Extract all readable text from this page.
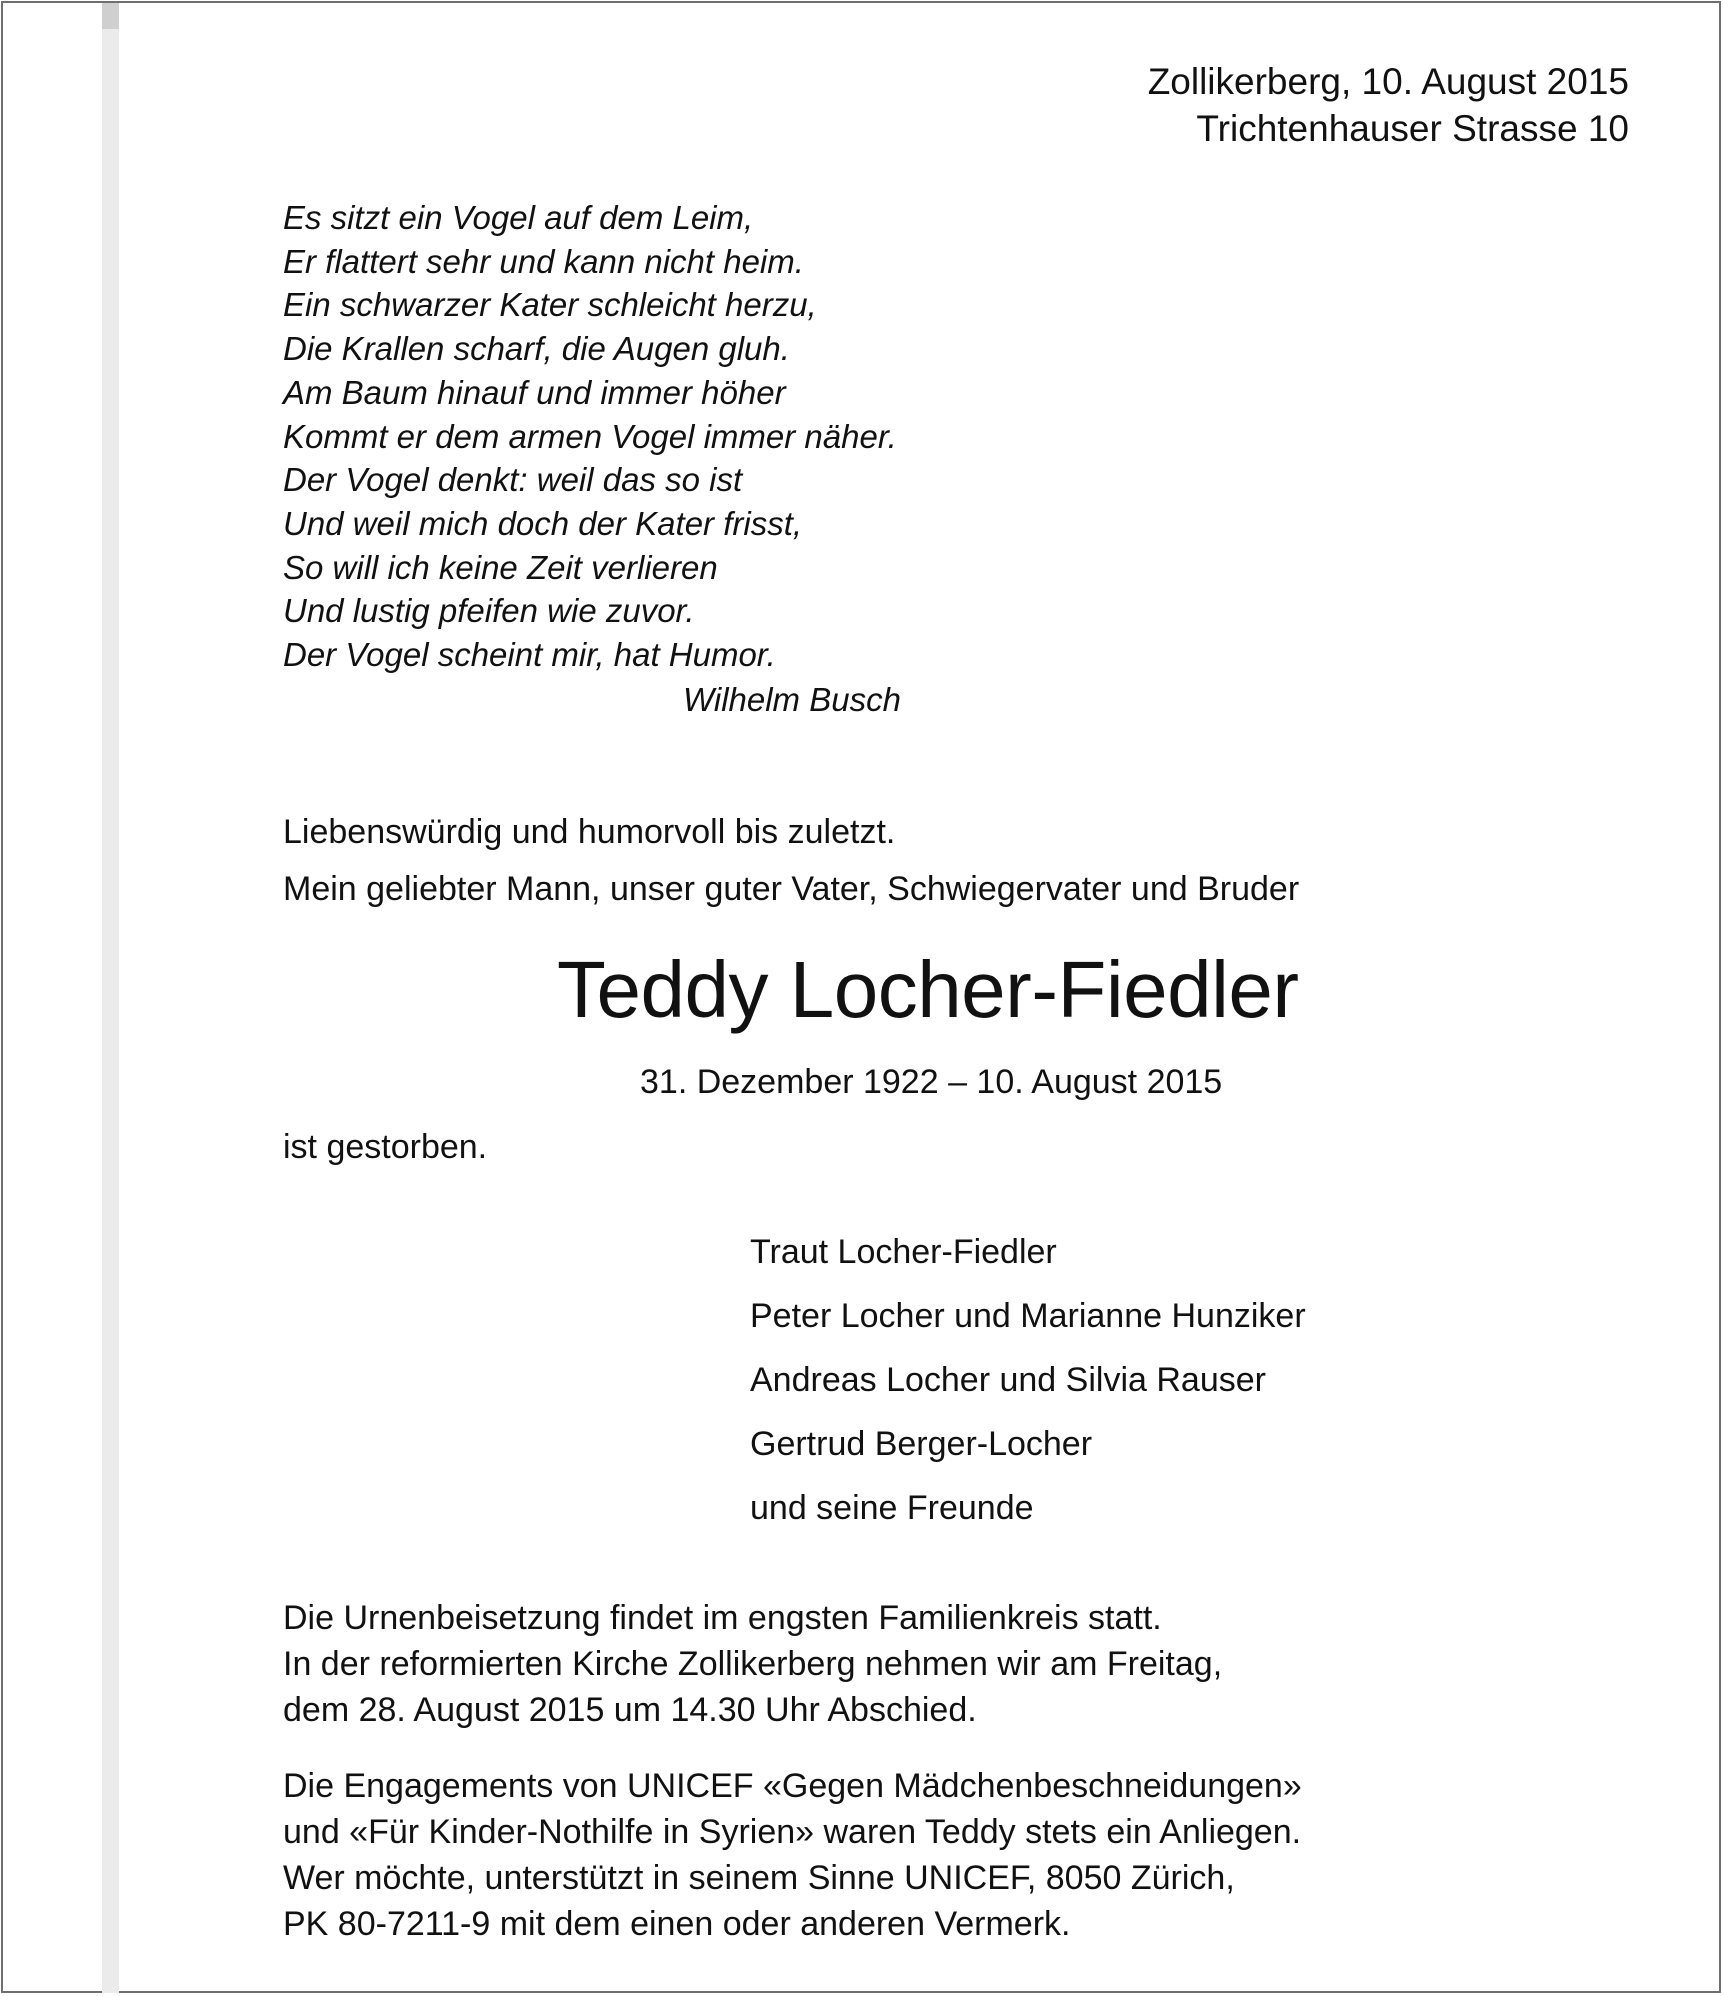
Zollikerberg, 10. August 2015
Trichtenhauser Strasse 10
Es sitzt ein Vogel auf dem Leim,
Er flattert sehr und kann nicht heim.
Ein schwarzer Kater schleicht herzu,
Die Krallen scharf, die Augen gluh.
Am Baum hinauf und immer höher
Kommt er dem armen Vogel immer näher.
Der Vogel denkt: weil das so ist
Und weil mich doch der Kater frisst,
So will ich keine Zeit verlieren
Und lustig pfeifen wie zuvor.
Der Vogel scheint mir, hat Humor.
Wilhelm Busch
Liebenswürdig und humorvoll bis zuletzt.
Mein geliebter Mann, unser guter Vater, Schwiegervater und Bruder
Teddy Locher-Fiedler
31. Dezember 1922 – 10. August 2015
ist gestorben.
Traut Locher-Fiedler
Peter Locher und Marianne Hunziker
Andreas Locher und Silvia Rauser
Gertrud Berger-Locher
und seine Freunde
Die Urnenbeisetzung findet im engsten Familienkreis statt.
In der reformierten Kirche Zollikerberg nehmen wir am Freitag,
dem 28. August 2015 um 14.30 Uhr Abschied.
Die Engagements von UNICEF «Gegen Mädchenbeschneidungen»
und «Für Kinder-Nothilfe in Syrien» waren Teddy stets ein Anliegen.
Wer möchte, unterstützt in seinem Sinne UNICEF, 8050 Zürich,
PK 80-7211-9 mit dem einen oder anderen Vermerk.
